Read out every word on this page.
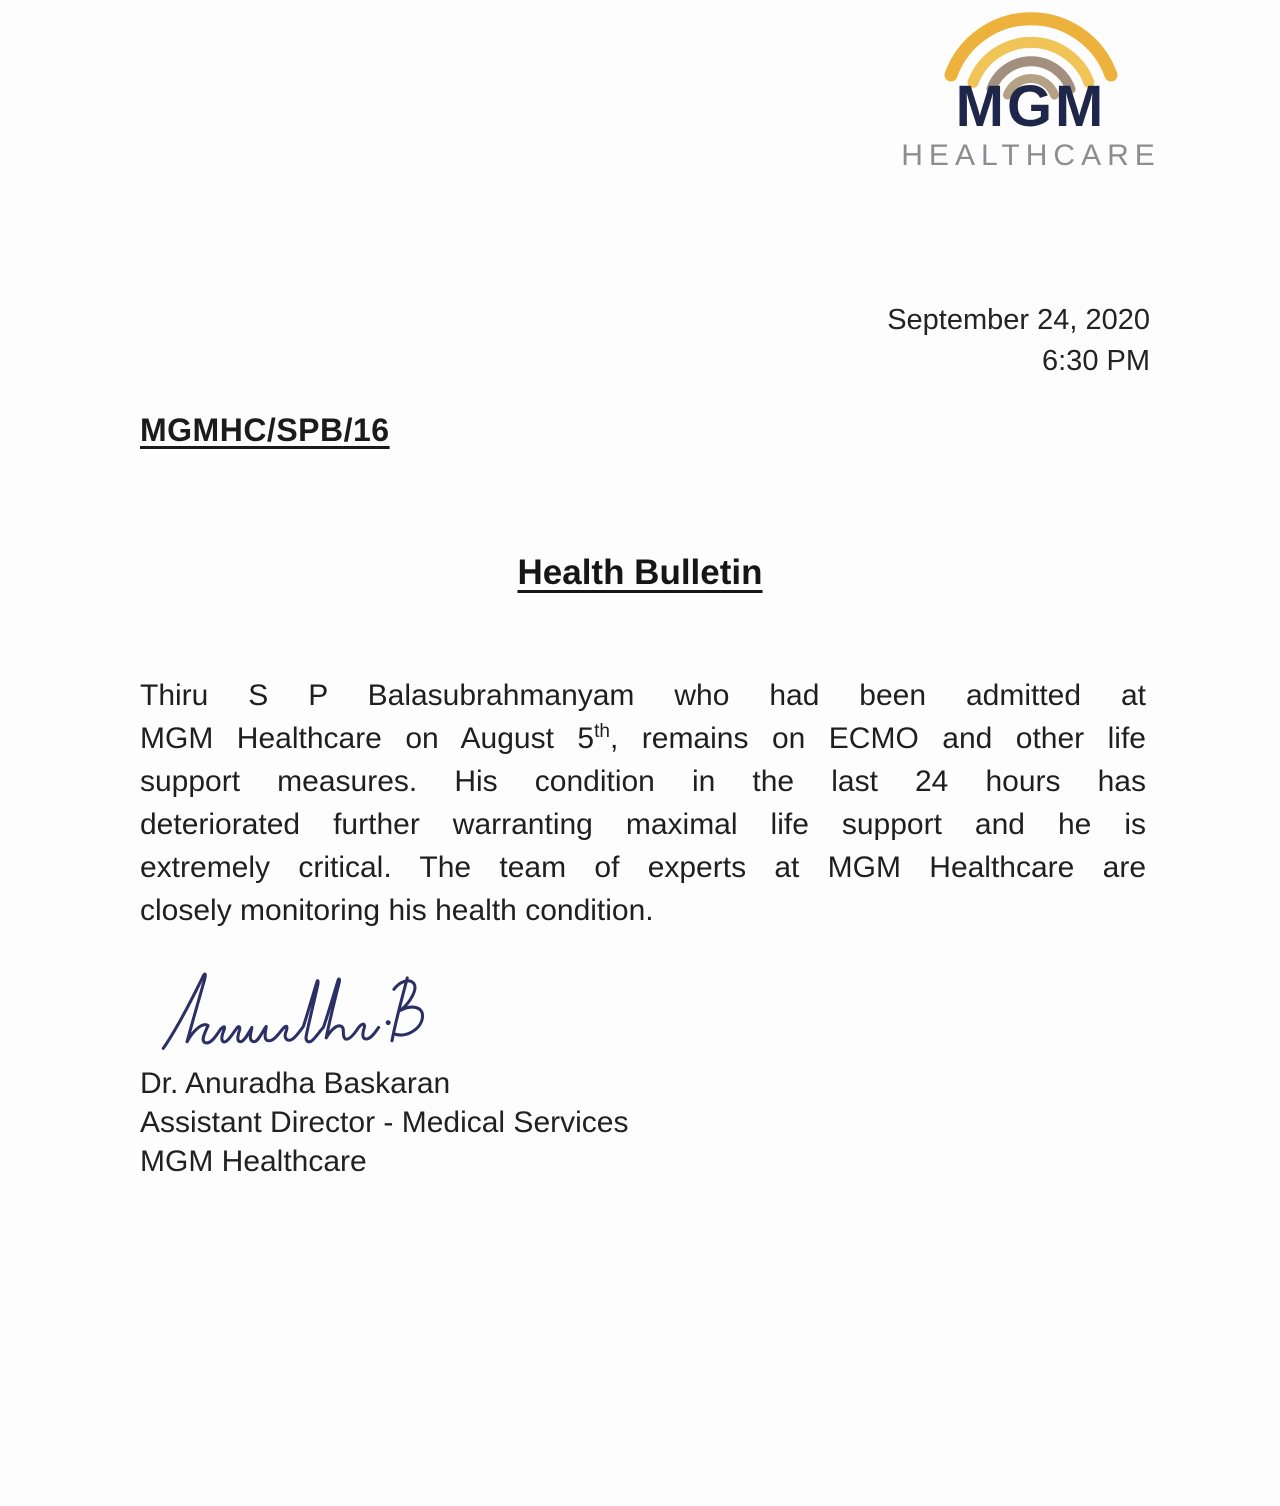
MGM
HEALTHCARE
September 24, 2020
6:30 PM
MGMHC/SPB/16
Health Bulletin
Thiru S P Balasubrahmanyam who had been admitted at
MGM Healthcare on August 5th, remains on ECMO and other life
support measures. His condition in the last 24 hours has
deteriorated further warranting maximal life support and he is
extremely critical. The team of experts at MGM Healthcare are
closely monitoring his health condition.
Dr. Anuradha Baskaran
Assistant Director - Medical Services
MGM Healthcare
